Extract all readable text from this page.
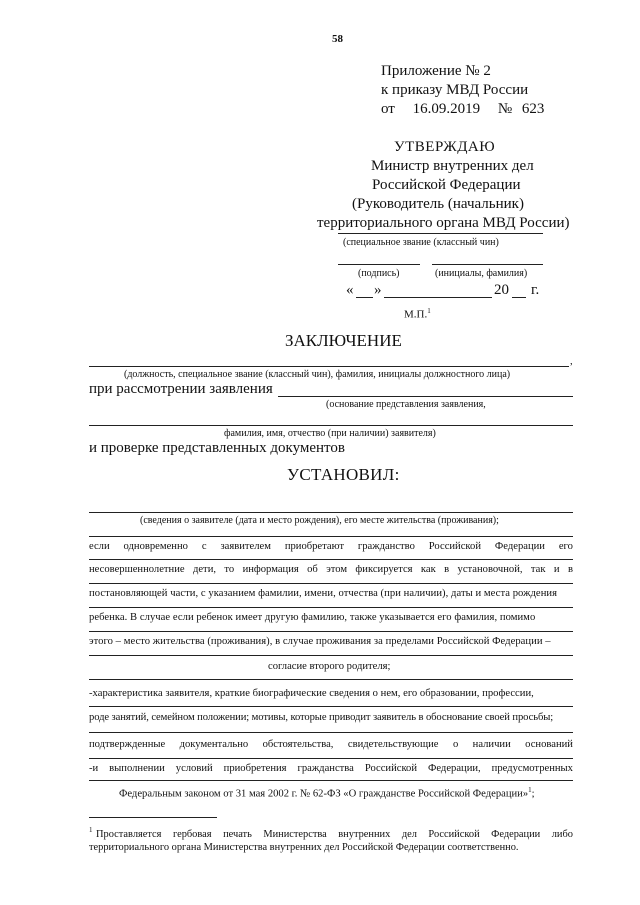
58
Приложение № 2
к приказу МВД России
от 16.09.2019 № 623
УТВЕРЖДАЮ
Министр внутренних дел
Российской Федерации
(Руководитель (начальник)
территориального органа МВД России)
(специальное звание (классный чин)
(подпись)	(инициалы, фамилия)
« »	20 г.
М.П.$^1$
ЗАКЛЮЧЕНИЕ
,
(должность, специальное звание (классный чин), фамилия, инициалы должностного лица)
при рассмотрении заявления
(основание представления заявления,
фамилия, имя, отчество (при наличии) заявителя)
и проверке представленных документов
УСТАНОВИЛ:
(сведения о заявителе (дата и место рождения), его месте жительства (проживания);
если одновременно с заявителем приобретают гражданство Российской Федерации его
несовершеннолетние дети, то информация об этом фиксируется как в установочной, так и в
постановляющей части, с указанием фамилии, имени, отчества (при наличии), даты и места рождения
ребенка. В случае если ребенок имеет другую фамилию, также указывается его фамилия, помимо
этого – место жительства (проживания), в случае проживания за пределами Российской Федерации –
согласие второго родителя;
-характеристика заявителя, краткие биографические сведения о нем, его образовании, профессии,
роде занятий, семейном положении; мотивы, которые приводит заявитель в обоснование своей просьбы;
подтвержденные документально обстоятельства, свидетельствующие о наличии оснований
-и выполнении условий приобретения гражданства Российской Федерации, предусмотренных
Федеральным законом от 31 мая 2002 г. № 62-ФЗ «О гражданстве Российской Федерации»$^1$;
$^1$ Проставляется гербовая печать Министерства внутренних дел Российской Федерации либо
территориального органа Министерства внутренних дел Российской Федерации соответственно.
